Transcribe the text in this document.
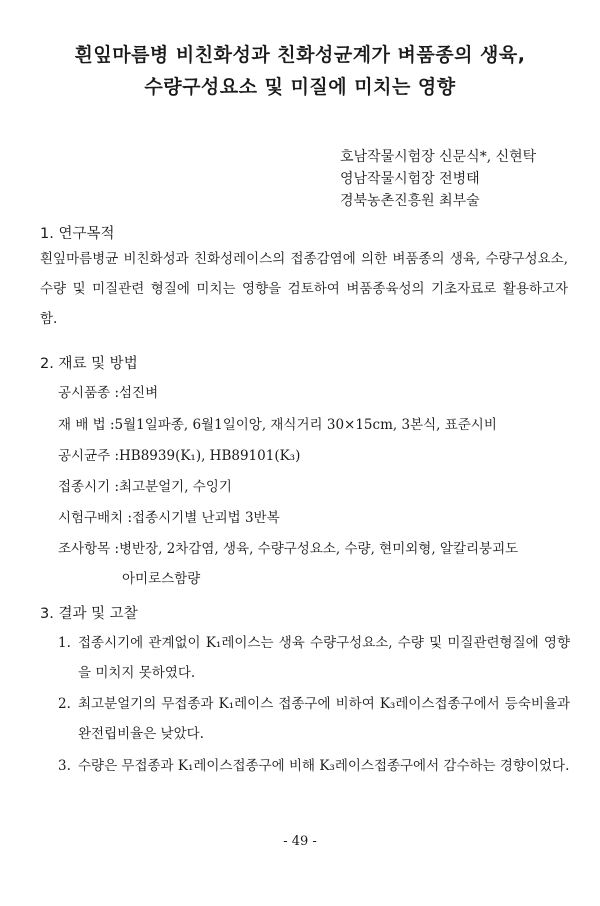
흰잎마름병 비친화성과 친화성균계가 벼품종의 생육,
수량구성요소 및 미질에 미치는 영향
호남작물시험장 신문식*, 신현탁
영남작물시험장 전병태
경북농촌진흥원 최부술
1. 연구목적
흰잎마름병균 비친화성과 친화성레이스의 접종감염에 의한 벼품종의 생육, 수량구성요소, 수량 및 미질관련 형질에 미치는 영향을 검토하여 벼품종육성의 기초자료로 활용하고자 함.
2. 재료 및 방법
공시품종 :섬진벼
재 배 법 :5월1일파종, 6월1일이앙, 재식거리 30×15cm, 3본식, 표준시비
공시균주 :HB8939(K₁), HB89101(K₃)
접종시기 :최고분얼기, 수잉기
시험구배치 :접종시기별 난괴법 3반복
조사항목 :병반장, 2차감염, 생육, 수량구성요소, 수량, 현미외형, 알칼리붕괴도
아미로스함량
3. 결과 및 고찰
1. 접종시기에 관계없이 K₁레이스는 생육 수량구성요소, 수량 및 미질관련형질에 영향을 미치지 못하였다.
2. 최고분얼기의 무접종과 K₁레이스 접종구에 비하여 K₃레이스접종구에서 등숙비율과 완전립비율은 낮았다.
3. 수량은 무접종과 K₁레이스접종구에 비해 K₃레이스접종구에서 감수하는 경향이었다.
- 49 -
